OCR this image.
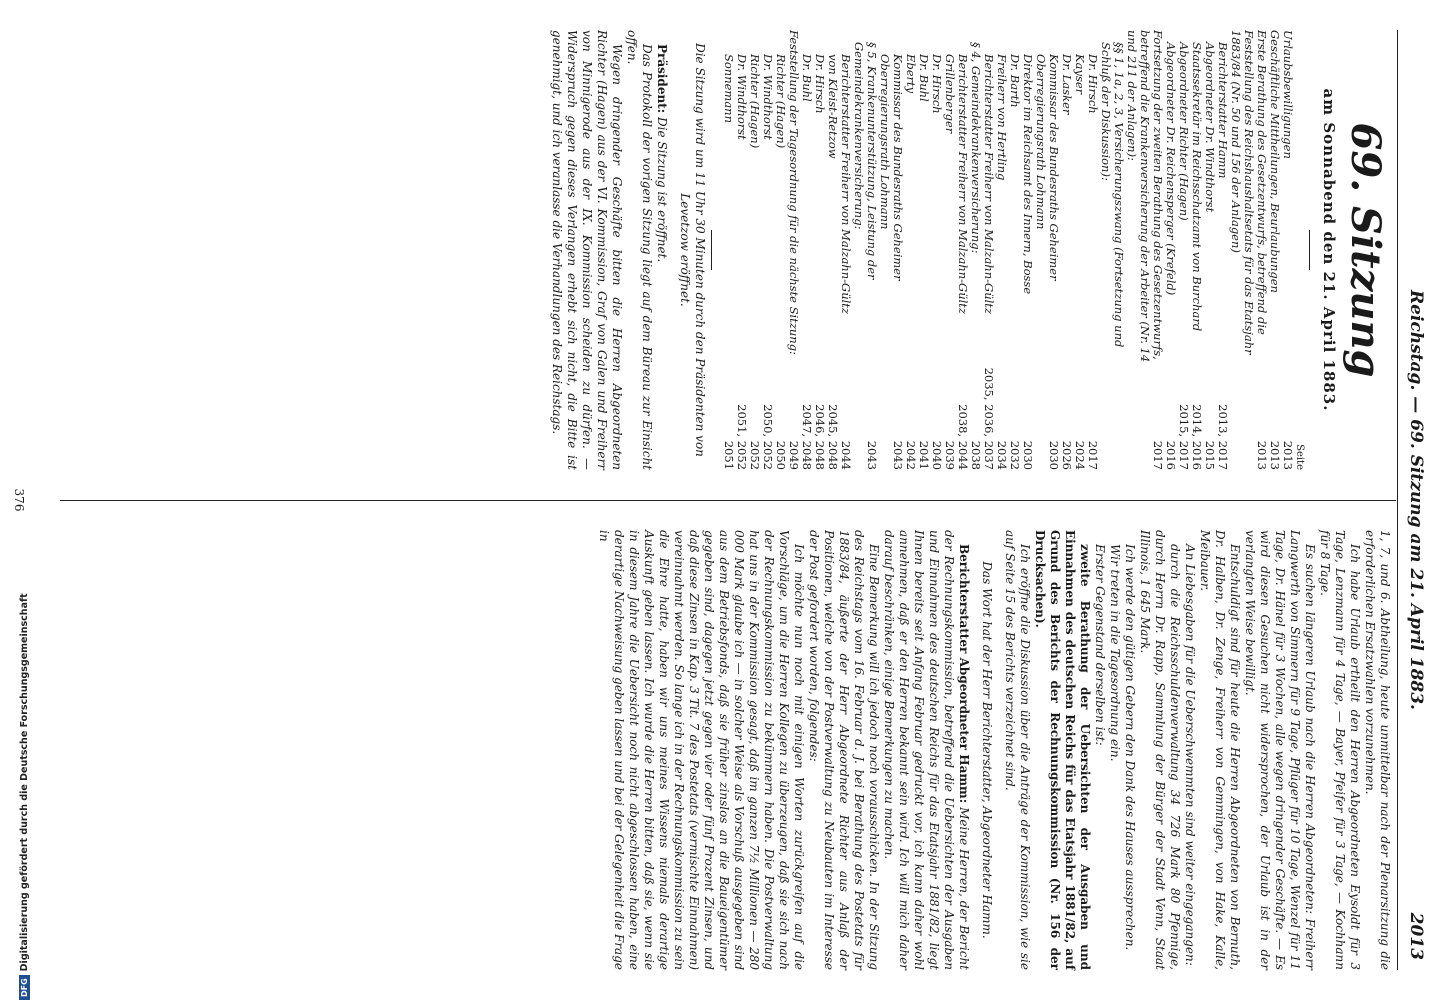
Reichstag. — 69. Sitzung am 21. April 1883.
2013
69. Sitzung
am Sonnabend den 21. April 1883.
Seite
Urlaubsbewilligungen	2013
Geschäftliche Mittheilungen, Beurlaubungen	2013
Erste Berathung des Gesetzentwurfs, betreffend die Feststellung des Reichshaushaltsetats für das Etatsjahr 1883/84 (Nr. 50 und 156 der Anlagen)	2013
Berichterstatter Hamm	2013, 2017
Abgeordneter Dr. Windthorst	2015
Staatssekretär im Reichsschatzamt von Burchard	2014, 2016
Abgeordneter Richter (Hagen)	2015, 2017
Abgeordneter Dr. Reichensperger (Krefeld)	2016
Fortsetzung der zweiten Berathung des Gesetzentwurfs, betreffend die Krankenversicherung der Arbeiter (Nr. 14 und 211 der Anlagen):	2017
§§ 1, 1a, 2, 3, Versicherungszwang (Fortsetzung und Schluß der Diskussion):	
Dr. Hirsch	2017
Kayser	2024
Dr. Lasker	2026
Kommissar des Bundesraths Geheimer Oberregierungsrath Lohmann	2030
Direktor im Reichsamt des Innern, Bosse	2030
Dr. Barth	2032
Freiherr von Hertling	2034
Berichterstatter Freiherr von Malzahn-Gültz	2035, 2036, 2037
§ 4, Gemeindekrankenversicherung:	2038
Berichterstatter Freiherr von Malzahn-Gültz	2038, 2044
Grillenberger	2039
Dr. Hirsch	2040
Dr. Buhl	2041
Eberty	2042
Kommissar des Bundesraths Geheimer Oberregierungsrath Lohmann	2043
§ 5, Krankenunterstützung, Leistung der Gemeindekrankenversicherung:	2043
Berichterstatter Freiherr von Malzahn-Gültz	2044
von Kleist-Retzow	2045, 2048
Dr. Hirsch	2046, 2048
Dr. Buhl	2047, 2048
Feststellung der Tagesordnung für die nächste Sitzung:	2049
Richter (Hagen)	2050
Dr. Windthorst	2050, 2052
Richter (Hagen)	2052
Dr. Windthorst	2051, 2052
Sonnemann	2051

Die Sitzung wird um 11 Uhr 30 Minuten durch den Präsidenten von Levetzow eröffnet.

Präsident: Die Sitzung ist eröffnet.

Das Protokoll der vorigen Sitzung liegt auf dem Büreau zur Einsicht offen.

Wegen dringender Geschäfte bitten die Herren Abgeordneten Richter (Hagen) aus der VI. Kommission, Graf von Galen und Freiherr von Minnigerode aus der IX. Kommission scheiden zu dürfen. — Widerspruch gegen dieses Verlangen erhebt sich nicht, die Bitte ist genehmigt, und ich veranlasse die Verhandlungen des Reichstags.

1, 7, und 6. Abtheilung, heute unmittelbar nach der Plenarsitzung die erforderlichen Ersatzwahlen vorzunehmen.

Ich habe Urlaub ertheilt den Herren Abgeordneten Eysoldt für 3 Tage, Lenzmann für 4 Tage, — Bayer, Pfeifer für 3 Tage, — Kochhann für 8 Tage.

Es suchen längeren Urlaub nach die Herren Abgeordneten: Freiherr Langwerth von Simmern für 9 Tage, Pflüger für 10 Tage, Wenzel für 11 Tage, Dr. Hänel für 3 Wochen, alle wegen dringender Geschäfte. — Es wird diesen Gesuchen nicht widersprochen, der Urlaub ist in der verlangten Weise bewilligt.

Entschuldigt sind für heute die Herren Abgeordneten von Bernuth, Dr. Halben, Dr. Zenge, Freiherr von Gemmingen, von Hake, Kalle, Meibauer.

An Liebesgaben für die Ueberschwemmten sind weiter eingegangen:

durch die Reichsschuldenverwaltung 34 726 Mark 80 Pfennige, durch Herrn Dr. Rapp, Sammlung der Bürger der Stadt Venn, Staat Illinois, 1 645 Mark.

Ich werde den gütigen Gebern den Dank des Hauses aussprechen.

Wir treten in die Tagesordnung ein.

Erster Gegenstand derselben ist:

zweite Berathung der Uebersichten der Ausgaben und Einnahmen des deutschen Reichs für das Etatsjahr 1881/82, auf Grund des Berichts der Rechnungskommission (Nr. 156 der Drucksachen).

Ich eröffne die Diskussion über die Anträge der Kommission, wie sie auf Seite 15 des Berichts verzeichnet sind.

Das Wort hat der Herr Berichterstatter, Abgeordneter Hamm.

Berichterstatter Abgeordneter Hamm: Meine Herren, der Bericht der Rechnungskommission, betreffend die Uebersichten der Ausgaben und Einnahmen des deutschen Reichs für das Etatsjahr 1881/82, liegt Ihnen bereits seit Anfang Februar gedruckt vor, ich kann daher wohl annehmen, daß er den Herren bekannt sein wird. Ich will mich daher darauf beschränken, einige Bemerkungen zu machen.

Eine Bemerkung will ich jedoch noch vorausschicken. In der Sitzung des Reichstags vom 16. Februar d. J. bei Berathung des Postetats für 1883/84, äußerte der Herr Abgeordnete Richter aus Anlaß der Positionen, welche von der Postverwaltung zu Neubauten im Interesse der Post gefordert worden, folgendes:

Ich möchte nun noch mit einigen Worten zurückgreifen auf die Vorschläge, um die Herren Kollegen zu überzeugen, daß sie sich nach der Rechnungskommission zu bekümmern haben. Die Postverwaltung hat uns in der Kommission gesagt, daß im ganzen 7½ Millionen — 280 000 Mark glaube ich — in solcher Weise als Vorschuß ausgegeben sind aus dem Betriebsfonds, daß sie früher zinslos an die Baueigentümer gegeben sind, dagegen jetzt gegen vier oder fünf Prozent Zinsen, und daß diese Zinsen in Kap. 3 Tit. 7 des Postetats (vermischte Einnahmen) vereinnahmt werden. So lange ich in der Rechnungskommission zu sein die Ehre hatte, haben wir uns meines Wissens niemals derartige Auskunft geben lassen. Ich wurde die Herren bitten, daß sie, wenn sie in diesem Jahre die Uebersicht noch nicht abgeschlossen haben, eine derartige Nachweisung geben lassen und bei der Gelegenheit die Frage in

376
DFG
Digitalisierung gefördert durch die Deutsche Forschungsgemeinschaft
